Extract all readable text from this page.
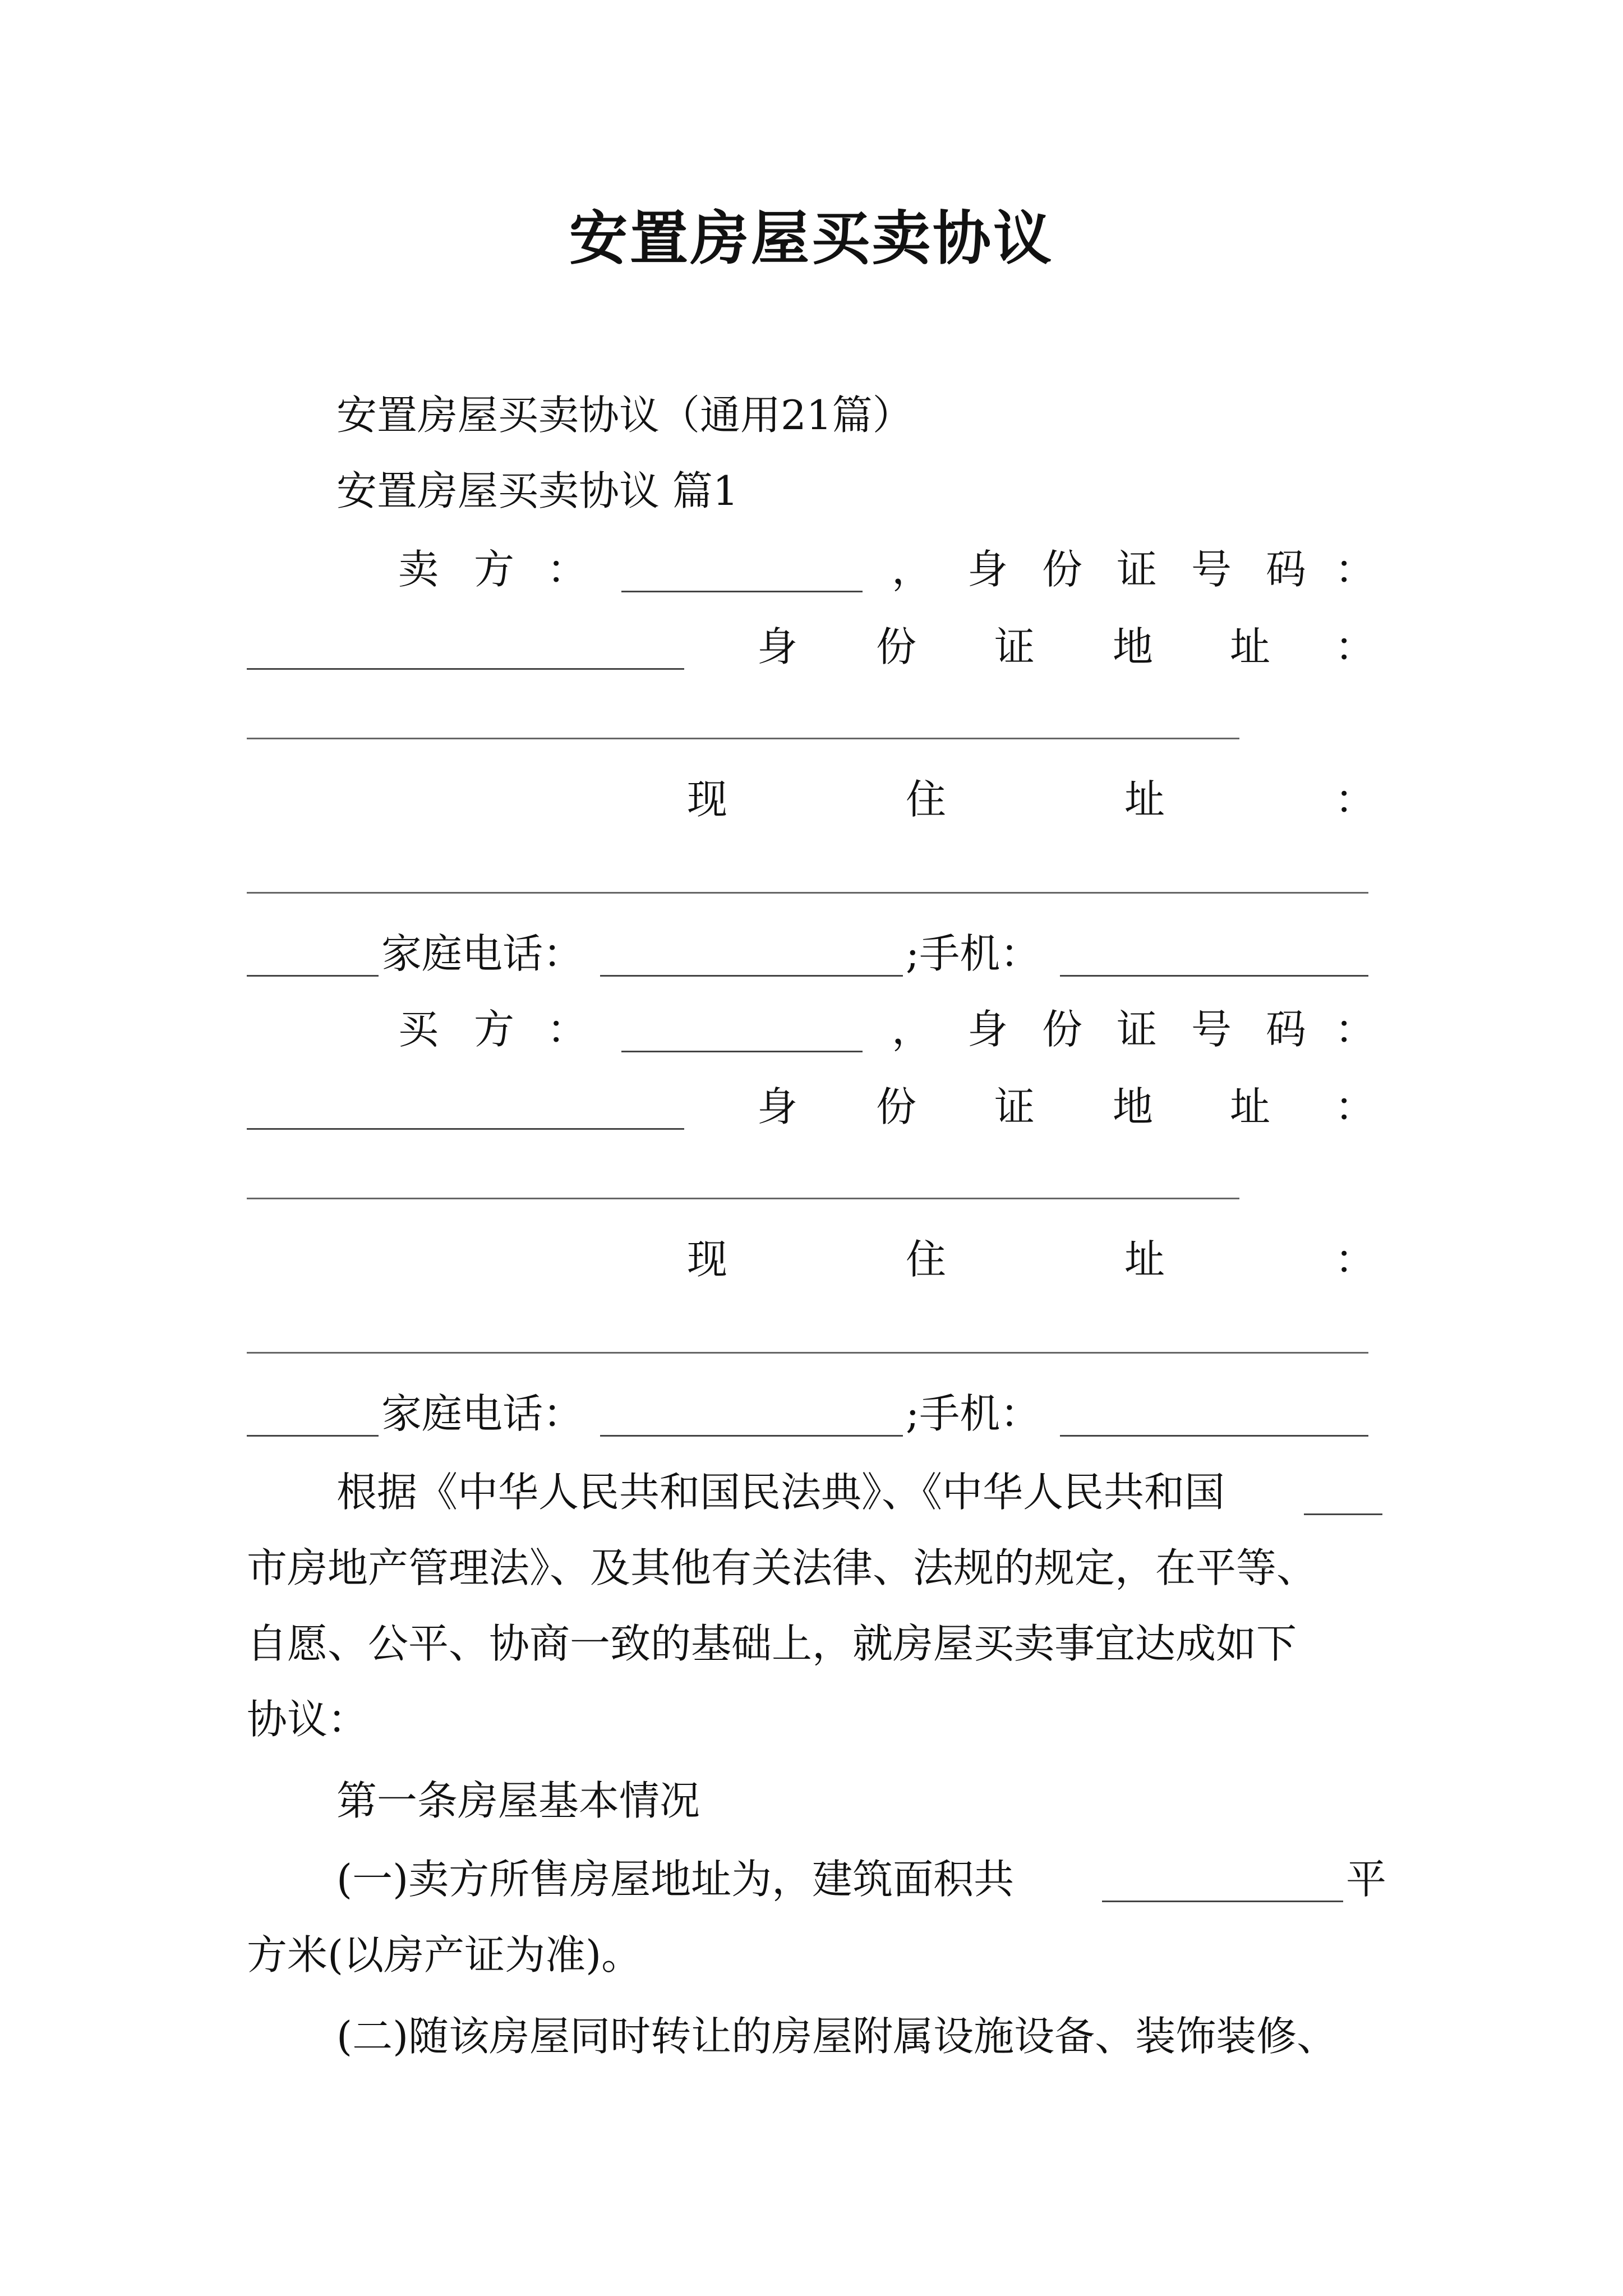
安置房屋买卖协议
安置房屋买卖协议（通用21篇）
安置房屋买卖协议 篇1
卖 方 ：	， 身 份 证 号 码 ：
身 份 证 地 址 ：
现	住	址	：
家庭电话：	;手机：
买 方 ：	， 身 份 证 号 码 ：
身 份 证 地 址 ：
现	住	址	：
家庭电话：	;手机：
根据《中华人民共和国民法典》、《中华人民共和国
市房地产管理法》、及其他有关法律、法规的规定，在平等、
自愿、公平、协商一致的基础上，就房屋买卖事宜达成如下
协议：
第一条房屋基本情况
(一)卖方所售房屋地址为，建筑面积共	平
方米(以房产证为准)。
(二)随该房屋同时转让的房屋附属设施设备、装饰装修、
